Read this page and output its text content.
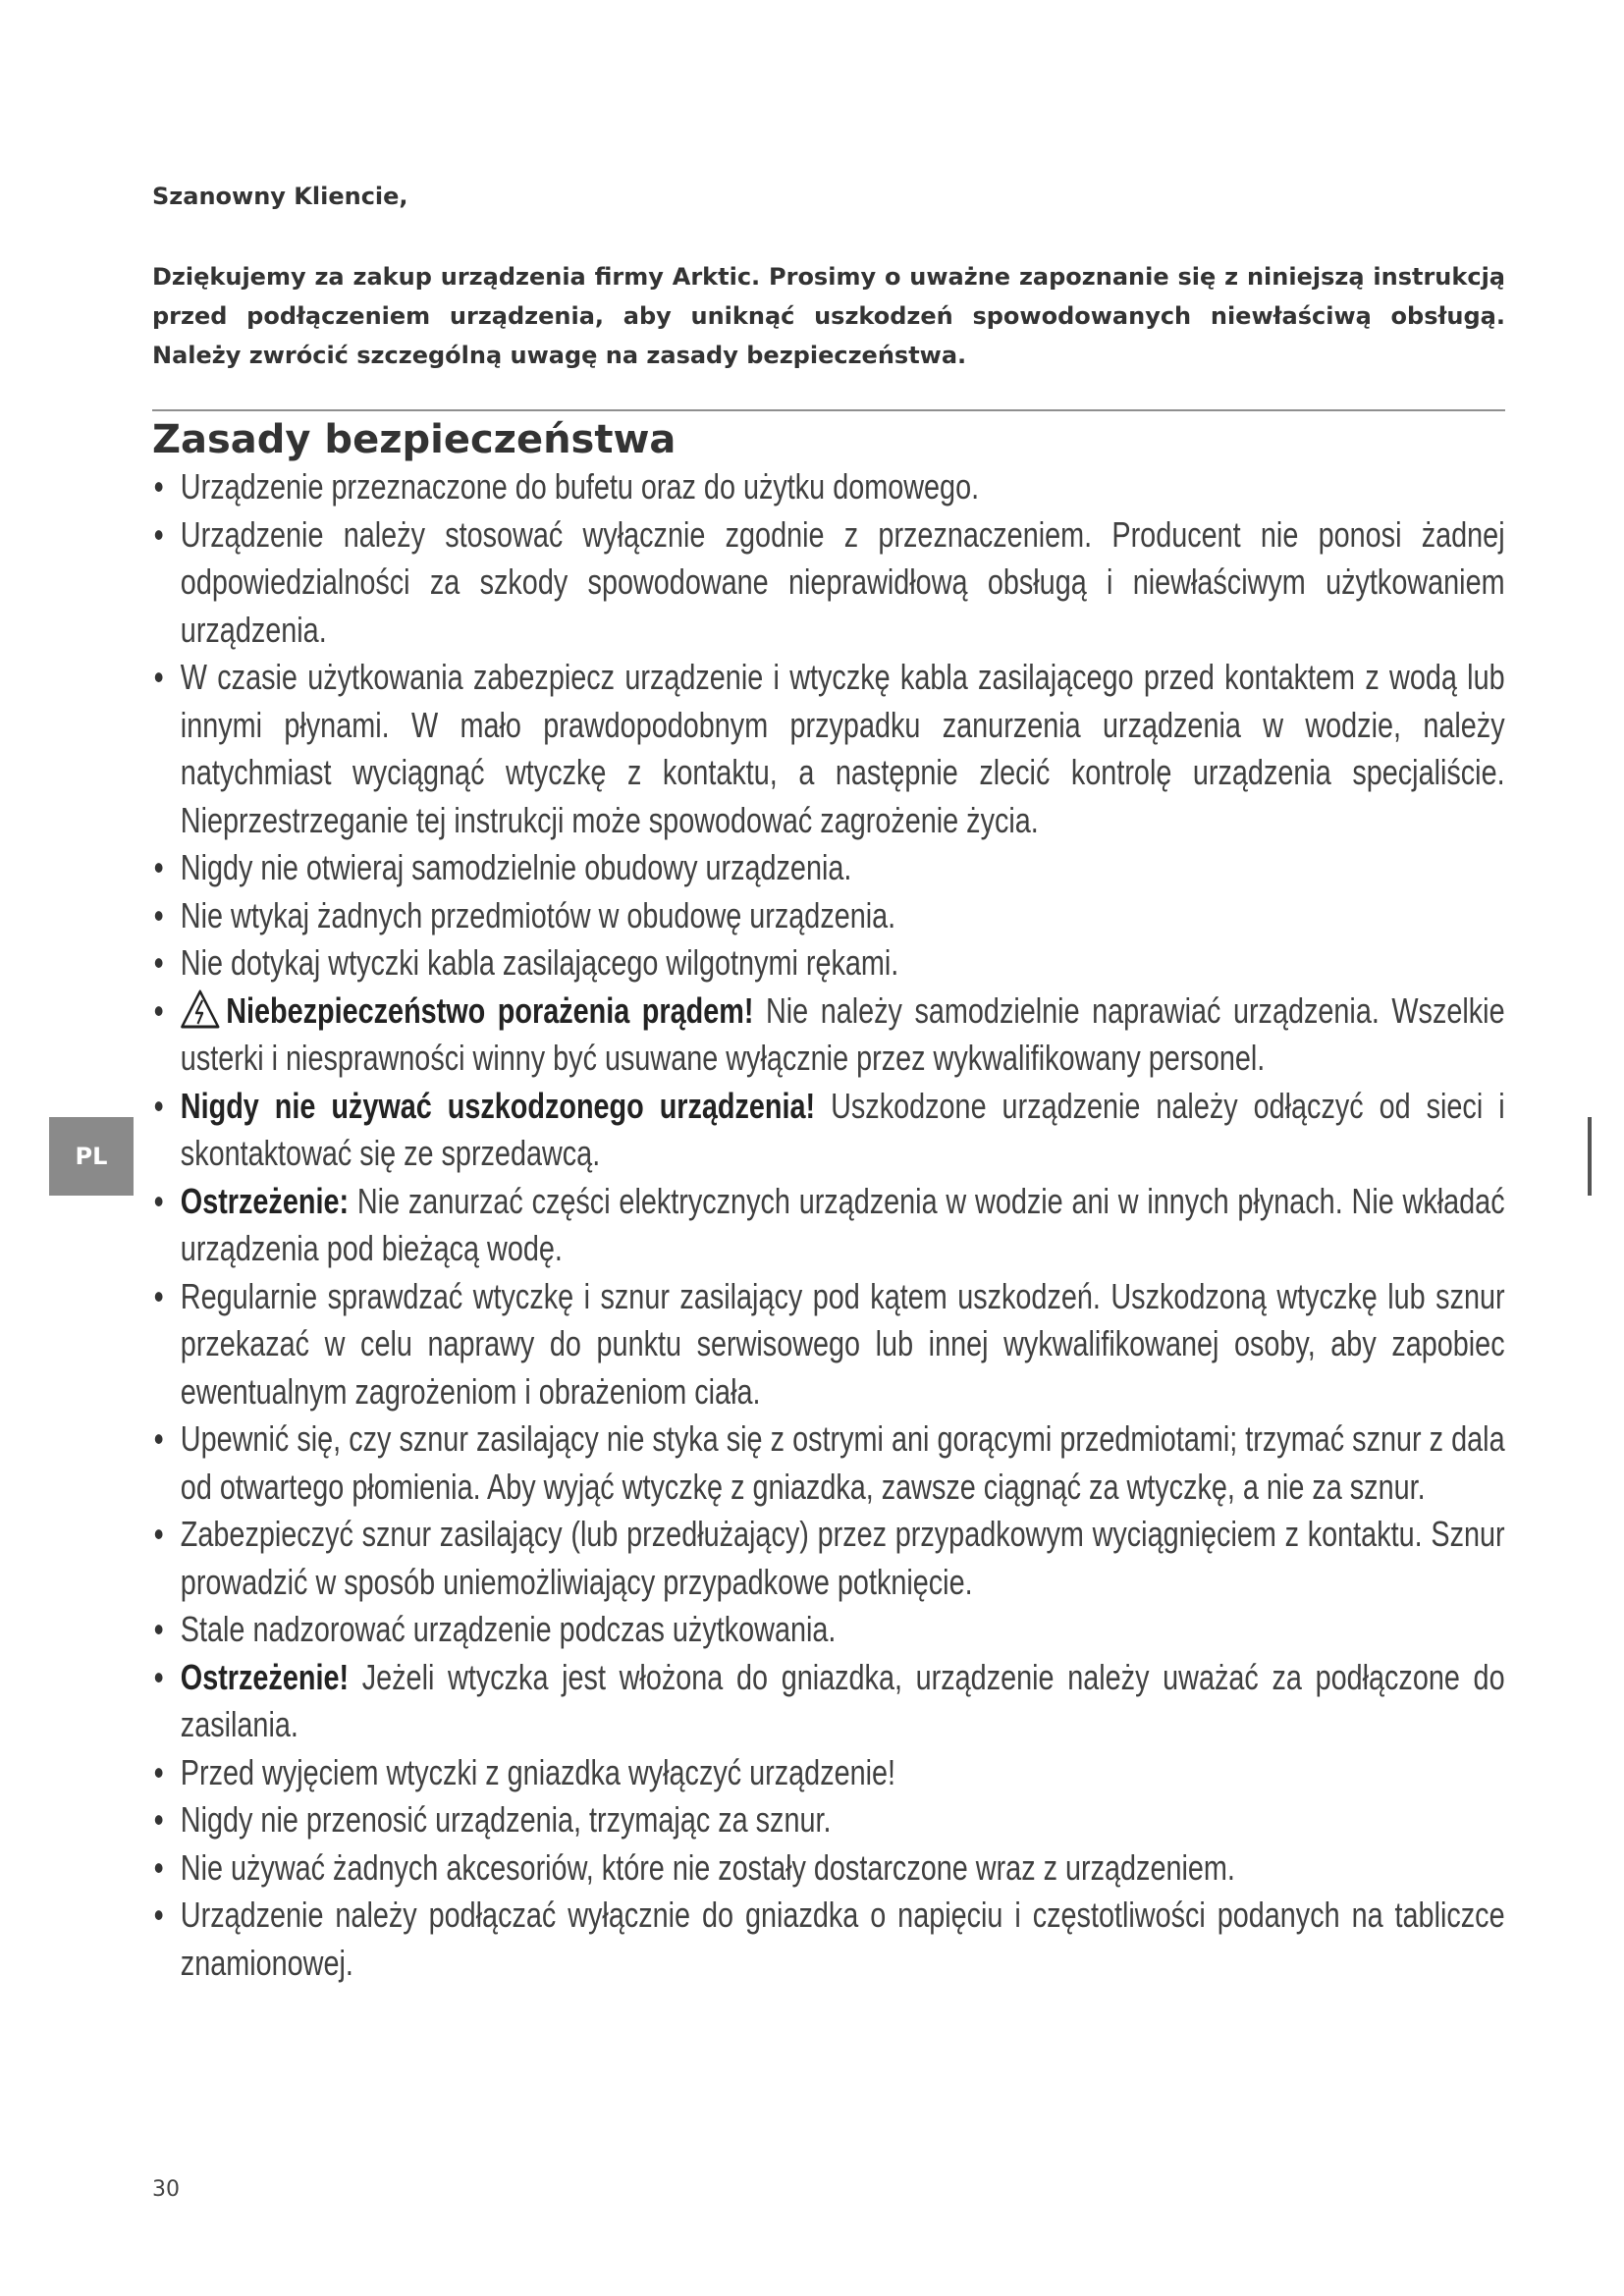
Szanowny Kliencie,

Dziękujemy za zakup urządzenia firmy Arktic. Prosimy o uważne zapoznanie się z niniejszą instrukcją przed podłączeniem urządzenia, aby uniknąć uszkodzeń spowodowanych niewłaściwą obsługą. Należy zwrócić szczególną uwagę na zasady bezpieczeństwa.

Zasady bezpieczeństwa
• Urządzenie przeznaczone do bufetu oraz do użytku domowego.
• Urządzenie należy stosować wyłącznie zgodnie z przeznaczeniem. Producent nie ponosi żadnej odpowiedzialności za szkody spowodowane nieprawidłową obsługą i niewłaściwym użytkowaniem urządzenia.
• W czasie użytkowania zabezpiecz urządzenie i wtyczkę kabla zasilającego przed kontaktem z wodą lub innymi płynami. W mało prawdopodobnym przypadku zanurzenia urządzenia w wodzie, należy natychmiast wyciągnąć wtyczkę z kontaktu, a następnie zlecić kontrolę urządzenia specjaliście. Nieprzestrzeganie tej instrukcji może spowodować zagrożenie życia.
• Nigdy nie otwieraj samodzielnie obudowy urządzenia.
• Nie wtykaj żadnych przedmiotów w obudowę urządzenia.
• Nie dotykaj wtyczki kabla zasilającego wilgotnymi rękami.
• Niebezpieczeństwo porażenia prądem! Nie należy samodzielnie naprawiać urządzenia. Wszelkie usterki i niesprawności winny być usuwane wyłącznie przez wykwalifikowany personel.
• Nigdy nie używać uszkodzonego urządzenia! Uszkodzone urządzenie należy odłączyć od sieci i skontaktować się ze sprzedawcą.
• Ostrzeżenie: Nie zanurzać części elektrycznych urządzenia w wodzie ani w innych płynach. Nie wkładać urządzenia pod bieżącą wodę.
• Regularnie sprawdzać wtyczkę i sznur zasilający pod kątem uszkodzeń. Uszkodzoną wtyczkę lub sznur przekazać w celu naprawy do punktu serwisowego lub innej wykwalifikowanej osoby, aby zapobiec ewentualnym zagrożeniom i obrażeniom ciała.
• Upewnić się, czy sznur zasilający nie styka się z ostrymi ani gorącymi przedmiotami; trzymać sznur z dala od otwartego płomienia. Aby wyjąć wtyczkę z gniazdka, zawsze ciągnąć za wtyczkę, a nie za sznur.
• Zabezpieczyć sznur zasilający (lub przedłużający) przez przypadkowym wyciągnięciem z kontaktu. Sznur prowadzić w sposób uniemożliwiający przypadkowe potknięcie.
• Stale nadzorować urządzenie podczas użytkowania.
• Ostrzeżenie! Jeżeli wtyczka jest włożona do gniazdka, urządzenie należy uważać za podłączone do zasilania.
• Przed wyjęciem wtyczki z gniazdka wyłączyć urządzenie!
• Nigdy nie przenosić urządzenia, trzymając za sznur.
• Nie używać żadnych akcesoriów, które nie zostały dostarczone wraz z urządzeniem.
• Urządzenie należy podłączać wyłącznie do gniazdka o napięciu i częstotliwości podanych na tabliczce znamionowej.
PL

30
